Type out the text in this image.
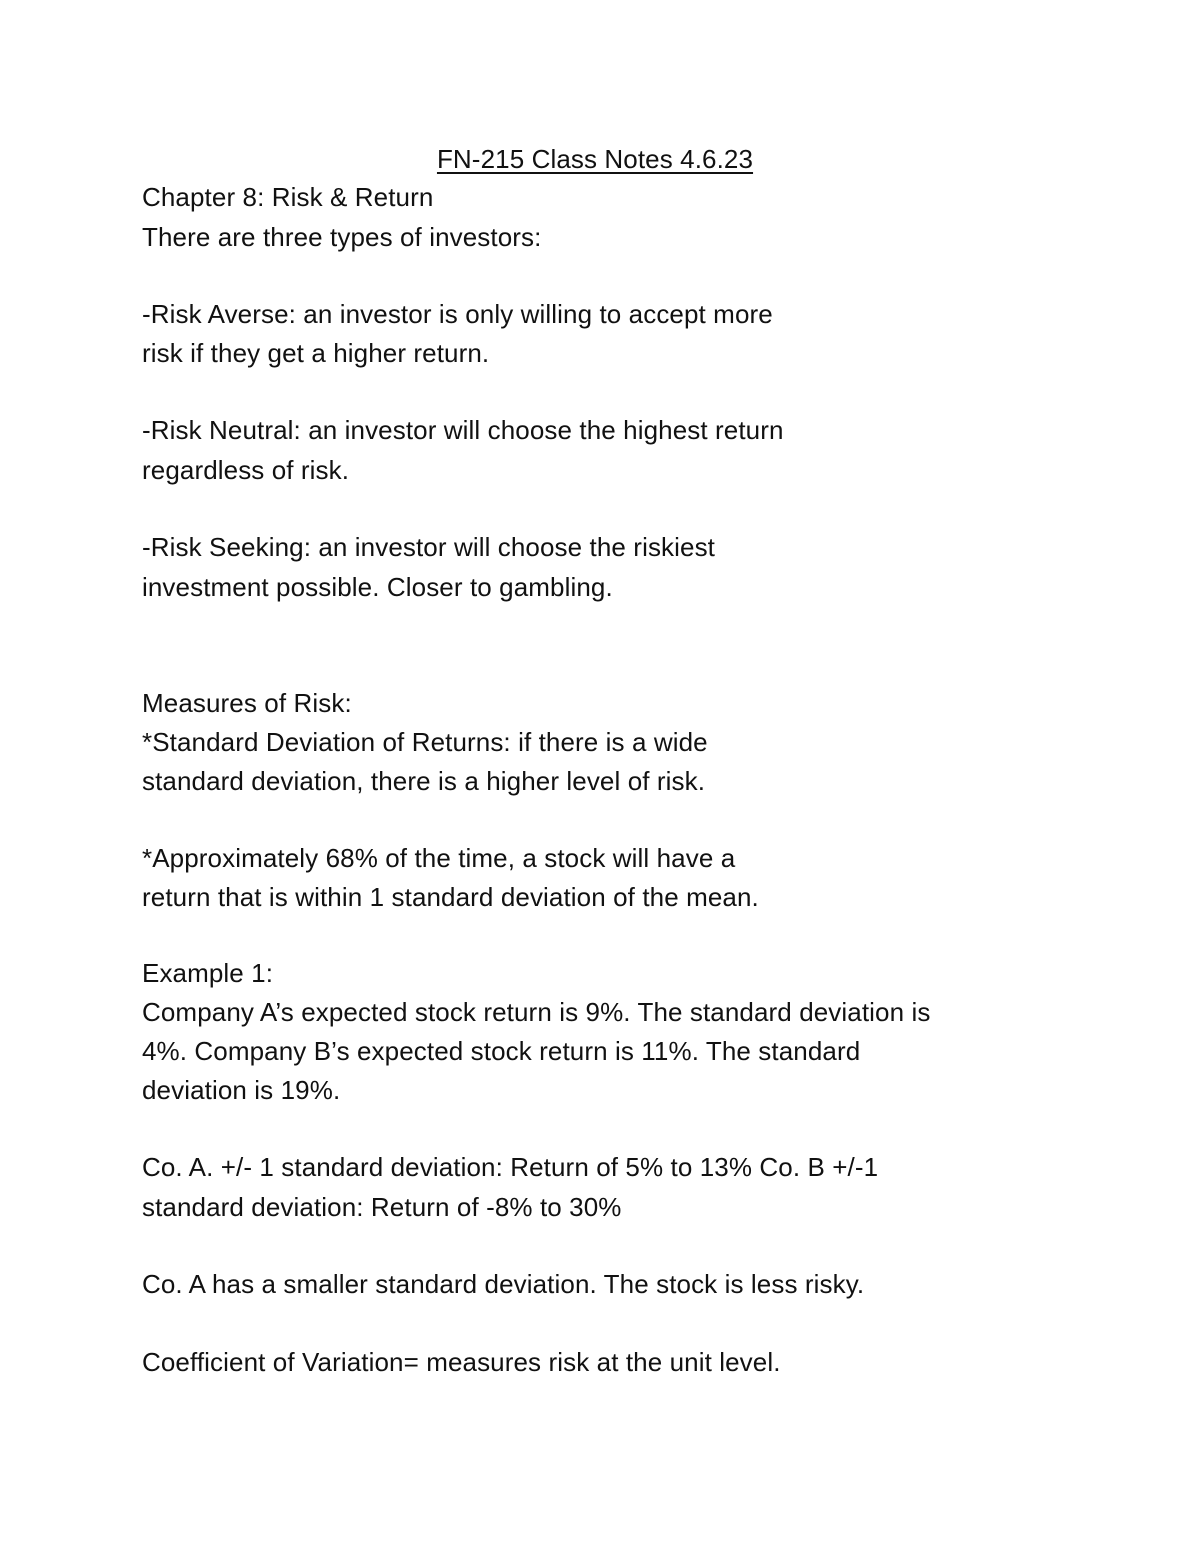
FN-215 Class Notes 4.6.23
Chapter 8: Risk & Return
There are three types of investors:
-Risk Averse: an investor is only willing to accept more
risk if they get a higher return.
-Risk Neutral: an investor will choose the highest return
regardless of risk.
-Risk Seeking: an investor will choose the riskiest
investment possible. Closer to gambling.
Measures of Risk:
*Standard Deviation of Returns: if there is a wide
standard deviation, there is a higher level of risk.
*Approximately 68% of the time, a stock will have a
return that is within 1 standard deviation of the mean.
Example 1:
Company A’s expected stock return is 9%. The standard deviation is
4%. Company B’s expected stock return is 11%. The standard
deviation is 19%.
Co. A. +/- 1 standard deviation: Return of 5% to 13% Co. B +/-1
standard deviation: Return of -8% to 30%
Co. A has a smaller standard deviation. The stock is less risky.
Coefficient of Variation= measures risk at the unit level.
